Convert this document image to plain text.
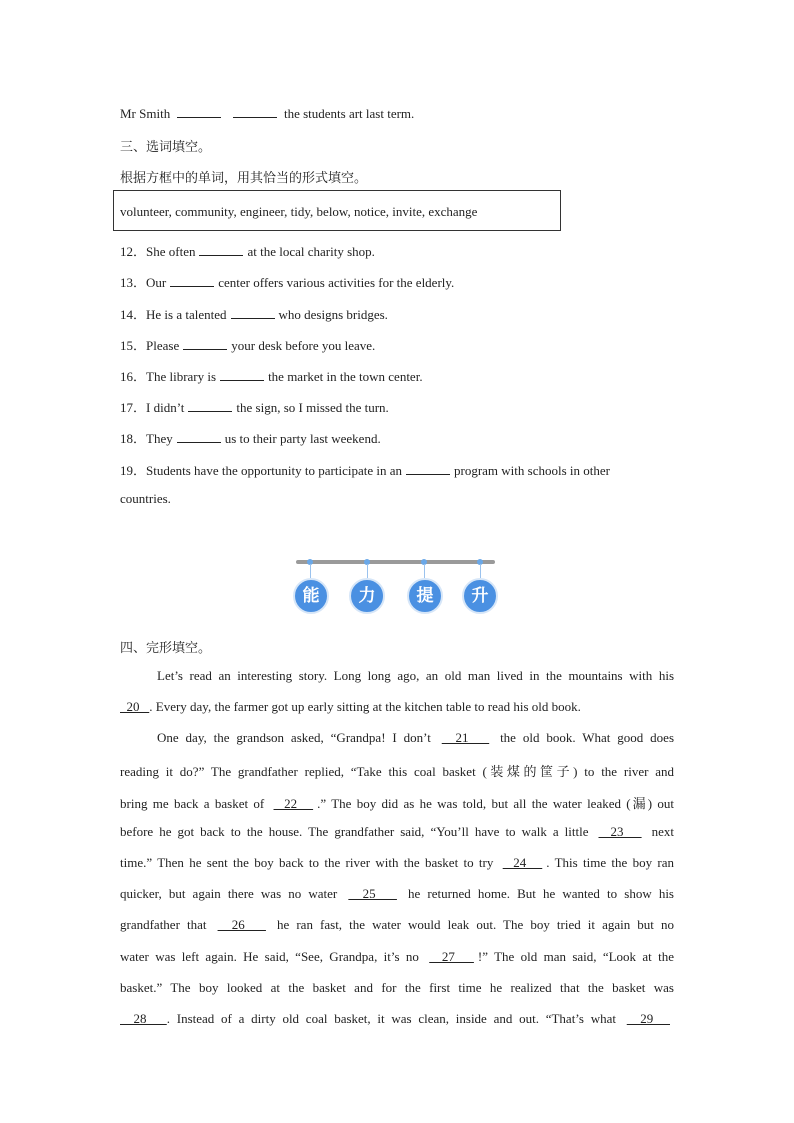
Mr Smith	the students art last term.
三、选词填空。
根据方框中的单词，用其恰当的形式填空。
volunteer, community, engineer, tidy, below, notice, invite, exchange
12．She often	at the local charity shop.
13．Our	center offers various activities for the elderly.
14．He is a talented	who designs bridges.
15．Please	your desk before you leave.
16．The library is	the market in the town center.
17．I didn’t	the sign, so I missed the turn.
18．They	us to their party last weekend.
19．Students have the opportunity to participate in an	program with schools in other
countries.
能	力	提	升
四、完形填空。
Let’s read an interesting story. Long long ago, an old man lived in the mountains with his
20   . Every day, the farmer got up early sitting at the kitchen table to read his old book.
One day, the grandson asked, “Grandpa! I don’t   21    the old book. What good does
reading it do?” The grandfather replied, “Take this coal basket (装煤的筐子) to the river and
bring me back a basket of   22   .” The boy did as he was told, but all the water leaked (漏) out
before he got back to the house. The grandfather said, “You’ll have to walk a little   23    next
time.” Then he sent the boy back to the river with the basket to try   24   . This time the boy ran
quicker, but again there was no water   25    he returned home. But he wanted to show his
grandfather that   26    he ran fast, the water would leak out. The boy tried it again but no
water was left again. He said, “See, Grandpa, it’s no   27   !” The old man said, “Look at the
basket.” The boy looked at the basket and for the first time he realized that the basket was
28   . Instead of a dirty old coal basket, it was clean, inside and out. “That’s what   29
